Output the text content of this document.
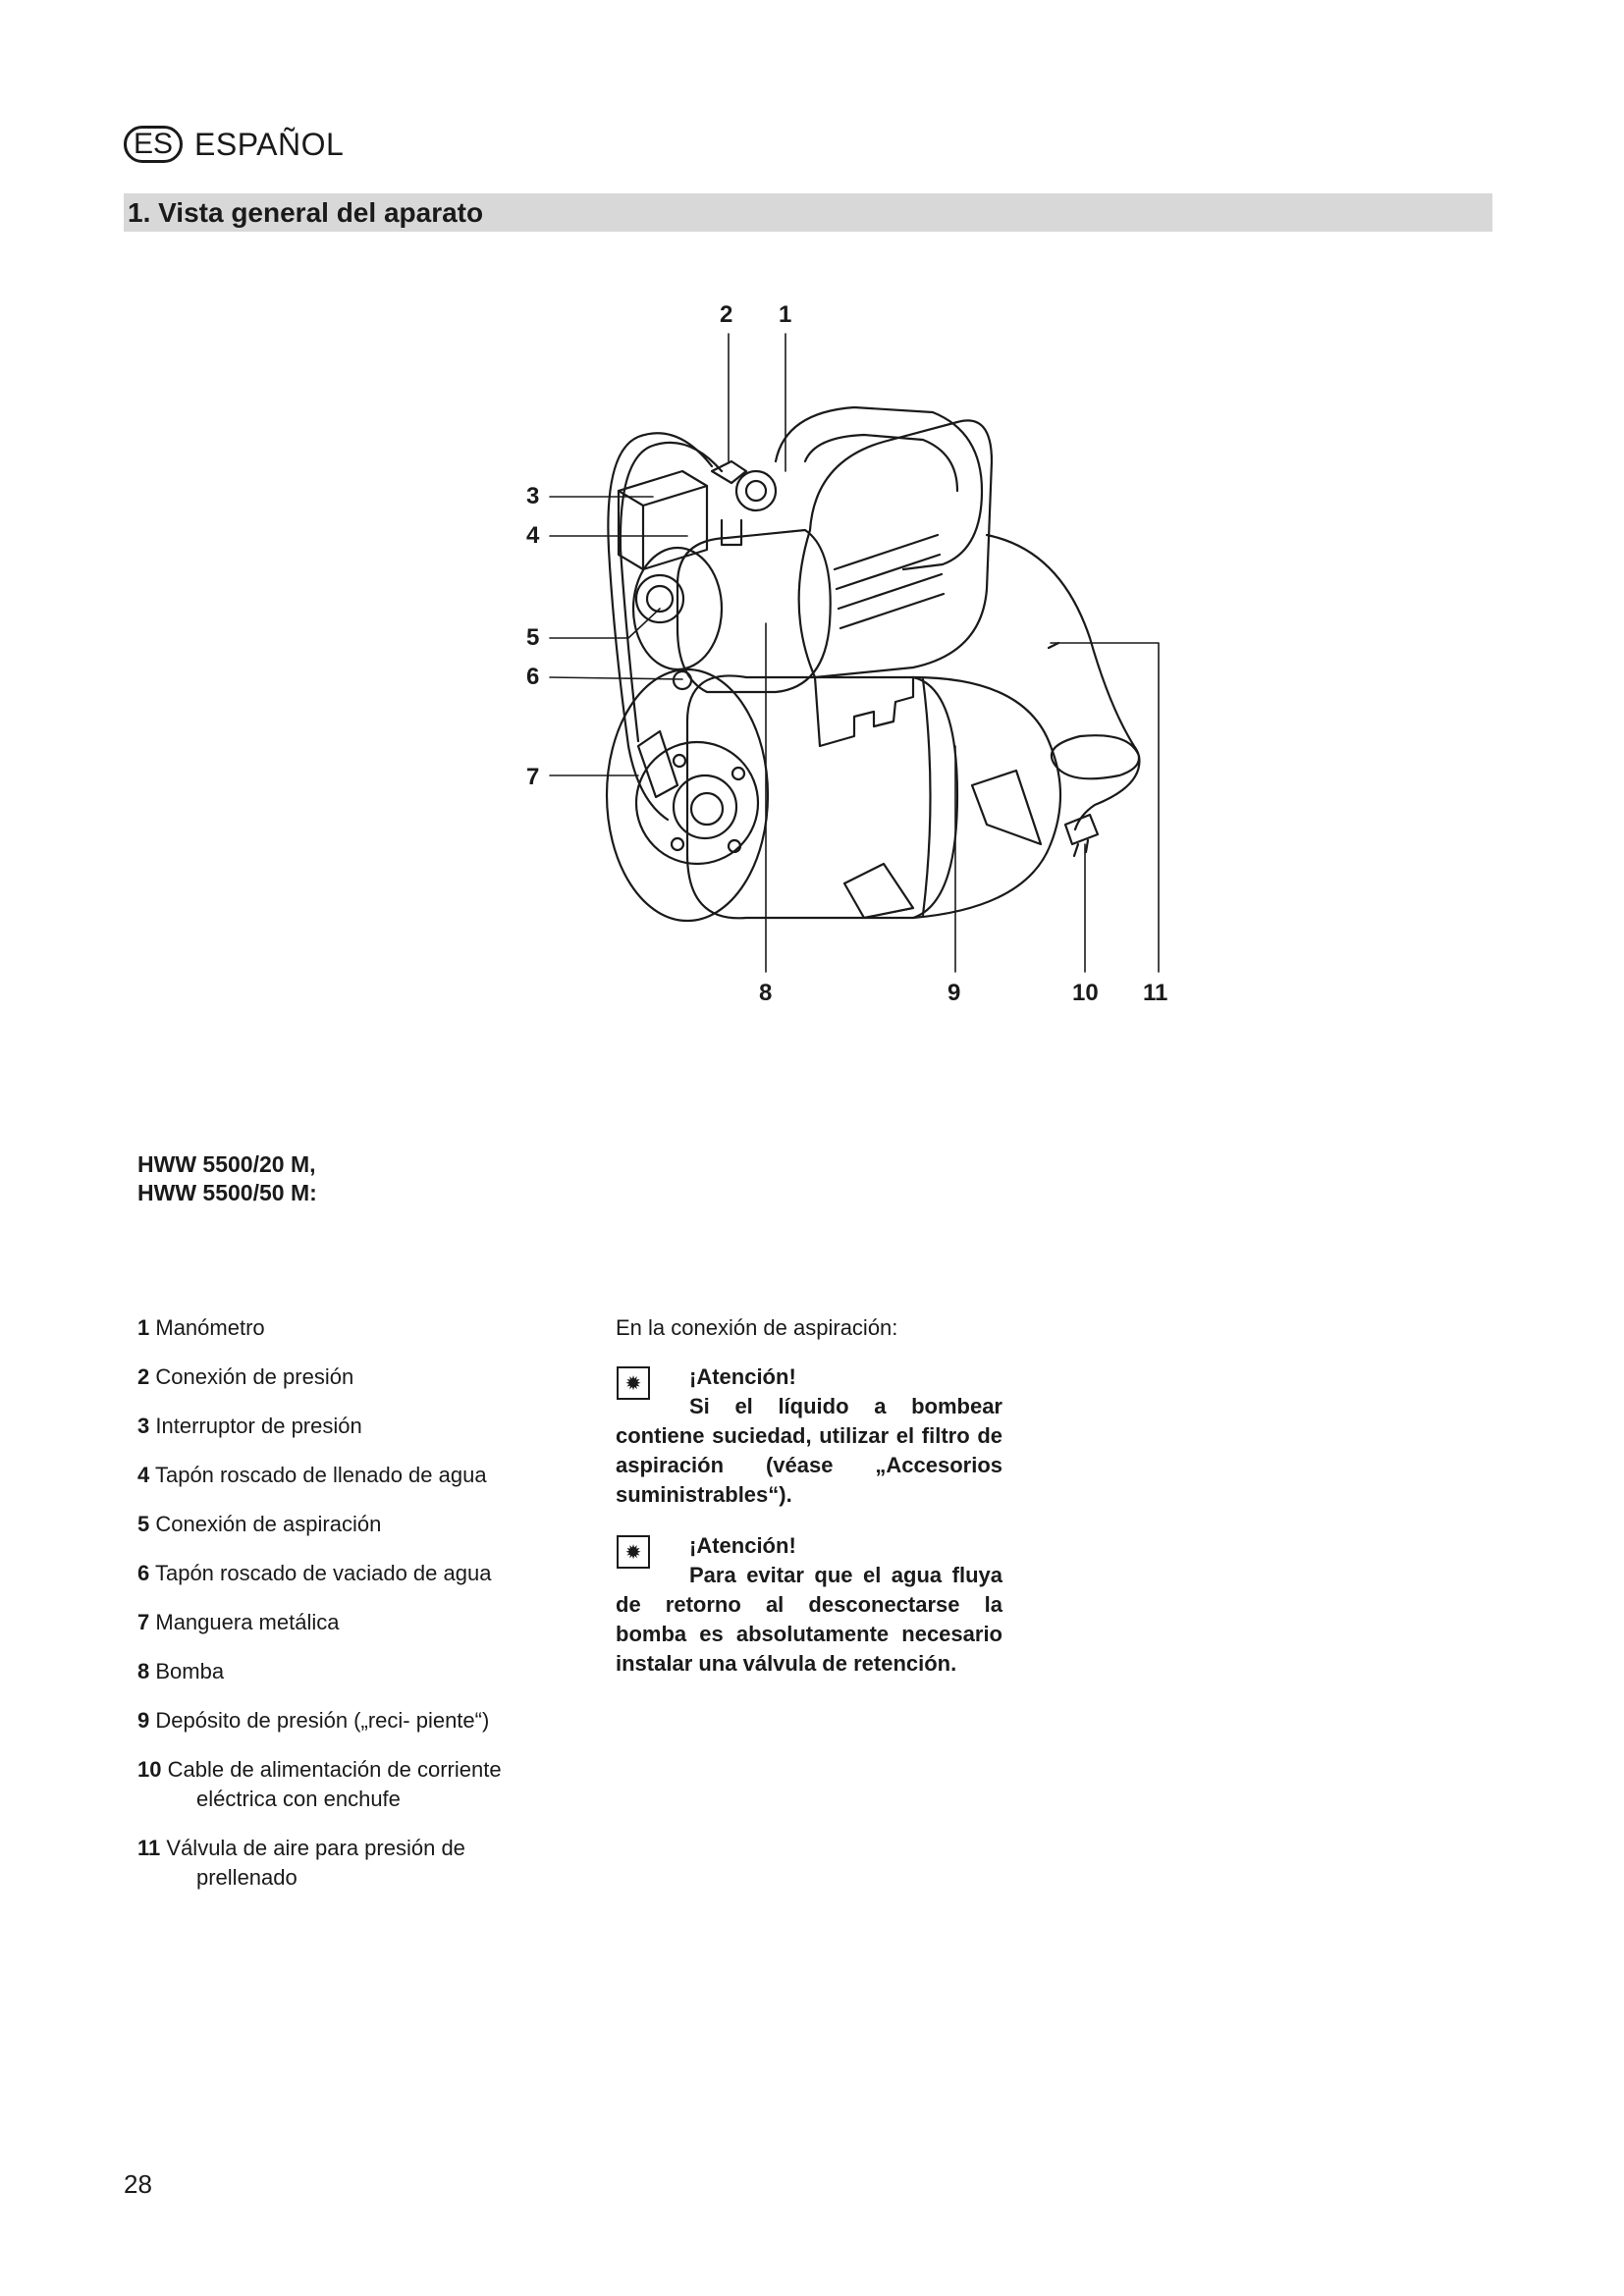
ES ESPAÑOL
1. Vista general del aparato
2 1
3
4
5
6
7
8	9	10 11
HWW 5500/20 M,
HWW 5500/50 M:
1 Manómetro
2 Conexión de presión
3 Interruptor de presión
4 Tapón roscado de llenado de agua
5 Conexión de aspiración
6 Tapón roscado de vaciado de agua
7 Manguera metálica
8 Bomba
9 Depósito de presión („reci- piente“)
10 Cable de alimentación de corriente eléctrica con enchufe
11 Válvula de aire para presión de prellenado

En la conexión de aspiración:

✹	¡Atención!

Si el líquido a bombear contiene suciedad, utilizar el filtro de aspiración (véase „Accesorios suministrables“).

✹	¡Atención!

Para evitar que el agua fluya de retorno al desconectarse la bomba es absolutamente necesario instalar una válvula de retención.

28
